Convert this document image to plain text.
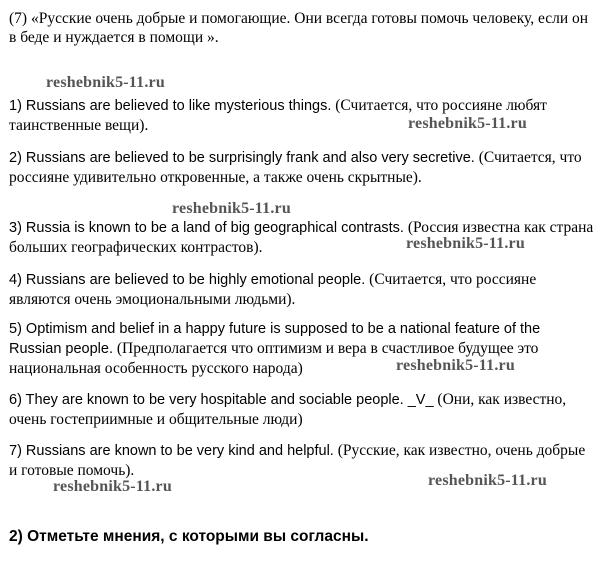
(7) «Русские очень добрые и помогающие. Они всегда готовы помочь человеку, если он в беде и нуждается в помощи ».

1) Russians are believed to like mysterious things. (Считается, что россияне любят таинственные вещи).

2) Russians are believed to be surprisingly frank and also very secretive. (Считается, что россияне удивительно откровенные, а также очень скрытные).

3) Russia is known to be a land of big geographical contrasts. (Россия известна как страна больших географических контрастов).

4) Russians are believed to be highly emotional people. (Считается, что россияне являются очень эмоциональными людьми).

5) Optimism and belief in a happy future is supposed to be a national feature of the Russian people. (Предполагается что оптимизм и вера в счастливое будущее это национальная особенность русского народа)

6) They are known to be very hospitable and sociable people. _V_ (Они, как известно, очень гостеприимные и общительные люди)

7) Russians are known to be very kind and helpful. (Русские, как известно, очень добрые и готовые помочь).

2) Отметьте мнения, с которыми вы согласны.
reshebnik5-11.ru
reshebnik5-11.ru
reshebnik5-11.ru
reshebnik5-11.ru
reshebnik5-11.ru
reshebnik5-11.ru	reshebnik5-11.ru
